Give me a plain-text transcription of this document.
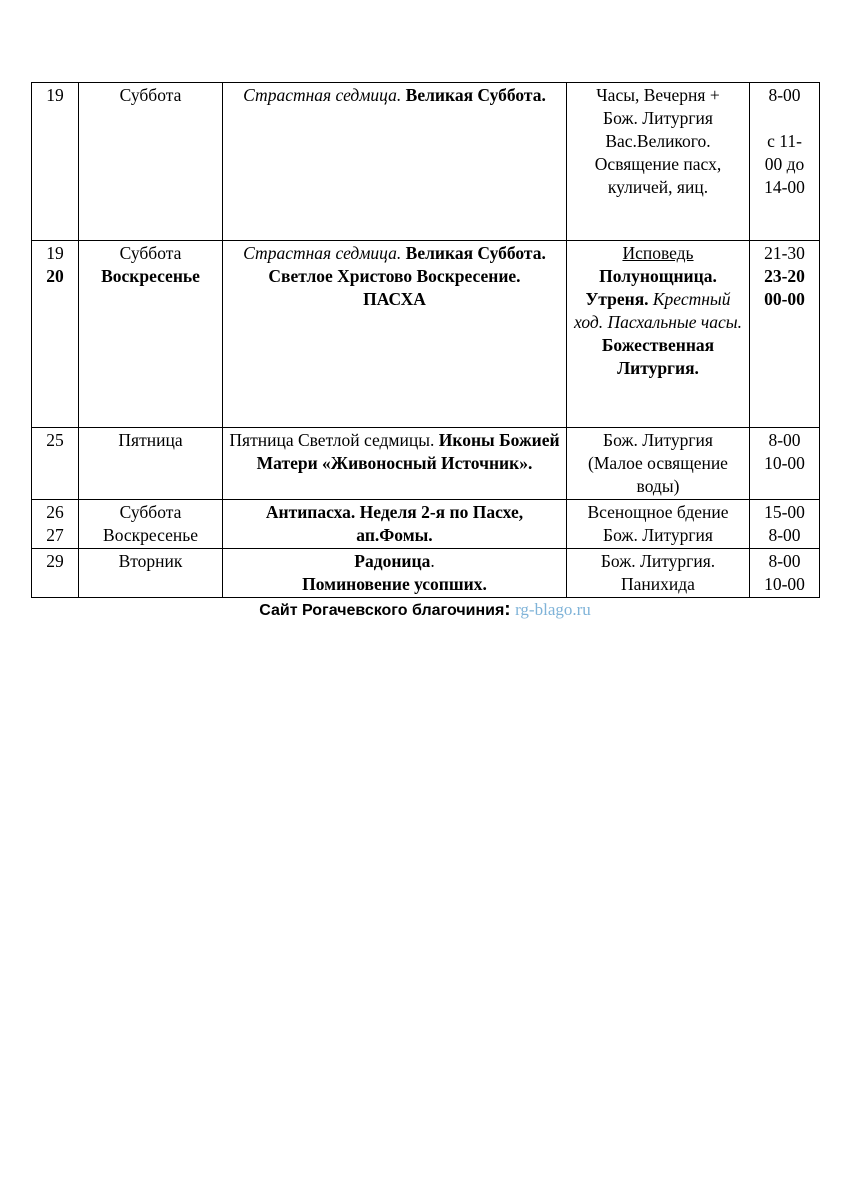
19	Суббота	Страстная седмица. Великая Суббота.	Часы, Вечерня +
Бож. Литургия
Вас.Великого.
Освящение пасх,
куличей, яиц.	8-00
с 11-
00 до
14-00

19
20	Суббота
Воскресенье	Страстная седмица. Великая Суббота.
Светлое Христово Воскресение.
ПАСХА	Исповедь
Полунощница.
Утреня. Крестный ход. Пасхальные часы.
Божественная Литургия.	21-30
23-20
00-00

25	Пятница	Пятница Светлой седмицы. Иконы Божией Матери «Живоносный Источник».	Бож. Литургия
(Малое освящение
воды)	8-00
10-00

26
27	Суббота
Воскресенье	Антипасха. Неделя 2-я по Пасхе, ап.Фомы.	Всенощное бдение
Бож. Литургия	15-00
8-00

29	Вторник	Радоница.
Поминовение усопших.	Бож. Литургия.
Панихида	8-00
10-00
Сайт Рогачевского благочиния: rg-blago.ru
